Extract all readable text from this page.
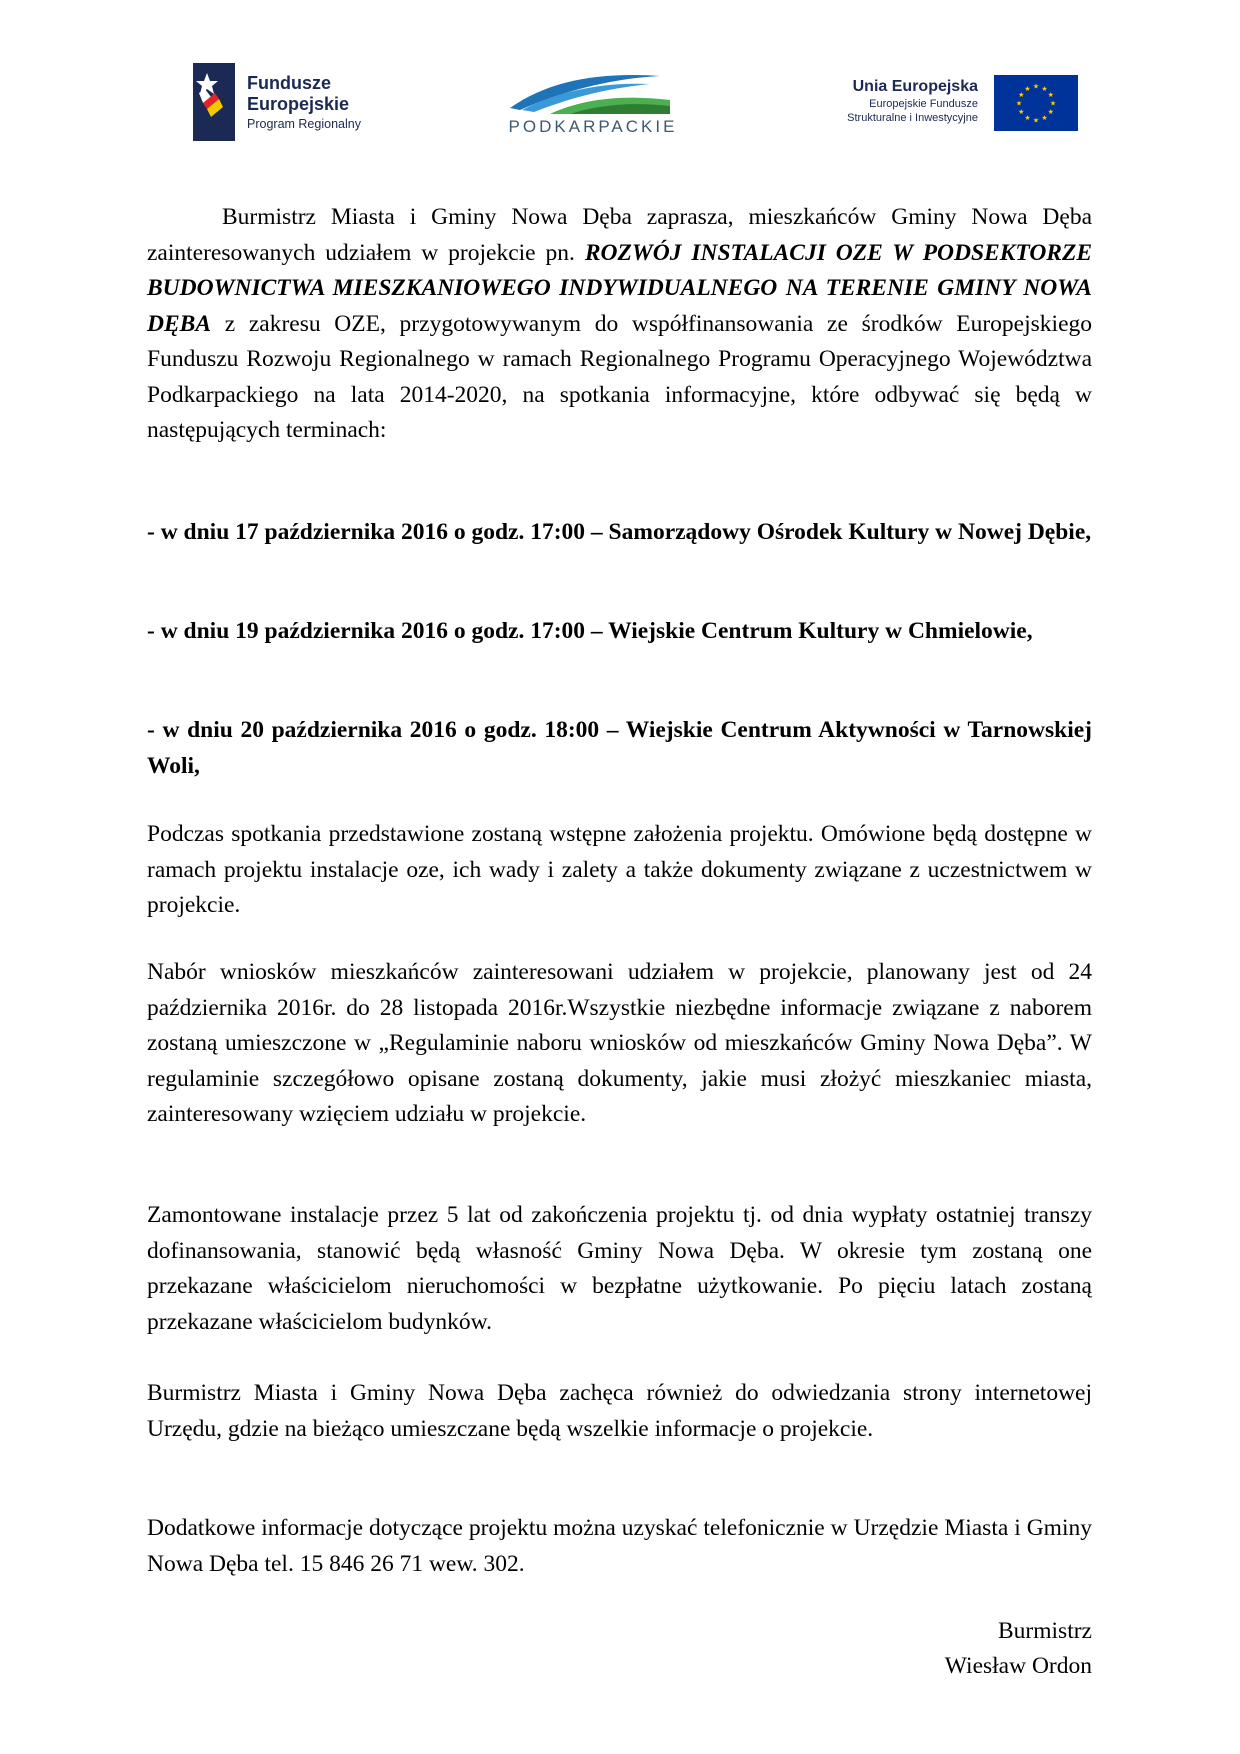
Fundusze
Europejskie
Program Regionalny	PODKARPACKIE
Unia Europejska
Europejskie Fundusze
Strukturalne i Inwestycyjne
★
★
★
★
★
★
★
★
★ ★ ★
★

Burmistrz Miasta i Gminy Nowa Dęba zaprasza, mieszkańców Gminy Nowa Dęba zainteresowanych udziałem w projekcie pn. ROZWÓJ INSTALACJI OZE W PODSEKTORZE BUDOWNICTWA MIESZKANIOWEGO INDYWIDUALNEGO NA TERENIE GMINY NOWA DĘBA z zakresu OZE, przygotowywanym do współfinansowania ze środków Europejskiego Funduszu Rozwoju Regionalnego w ramach Regionalnego Programu Operacyjnego Województwa Podkarpackiego na lata 2014-2020, na spotkania informacyjne, które odbywać się będą w następujących terminach:

- w dniu 17 października 2016 o godz. 17:00 – Samorządowy Ośrodek Kultury w Nowej Dębie,

- w dniu 19 października 2016 o godz. 17:00 – Wiejskie Centrum Kultury w Chmielowie,

- w dniu 20 października 2016 o godz. 18:00 – Wiejskie Centrum Aktywności w Tarnowskiej Woli,

Podczas spotkania przedstawione zostaną wstępne założenia projektu. Omówione będą dostępne w ramach projektu instalacje oze, ich wady i zalety a także dokumenty związane z uczestnictwem w projekcie.

Nabór wniosków mieszkańców zainteresowani udziałem w projekcie, planowany jest od 24 października 2016r. do 28 listopada 2016r.Wszystkie niezbędne informacje związane z naborem zostaną umieszczone w „Regulaminie naboru wniosków od mieszkańców Gminy Nowa Dęba”. W regulaminie szczegółowo opisane zostaną dokumenty, jakie musi złożyć mieszkaniec miasta, zainteresowany wzięciem udziału w projekcie.

Zamontowane instalacje przez 5 lat od zakończenia projektu tj. od dnia wypłaty ostatniej transzy dofinansowania, stanowić będą własność Gminy Nowa Dęba. W okresie tym zostaną one przekazane właścicielom nieruchomości w bezpłatne użytkowanie. Po pięciu latach zostaną przekazane właścicielom budynków.

Burmistrz Miasta i Gminy Nowa Dęba zachęca również do odwiedzania strony internetowej Urzędu, gdzie na bieżąco umieszczane będą wszelkie informacje o projekcie.

Dodatkowe informacje dotyczące projektu można uzyskać telefonicznie w Urzędzie Miasta i Gminy Nowa Dęba tel. 15 846 26 71 wew. 302.

Burmistrz
Wiesław Ordon
